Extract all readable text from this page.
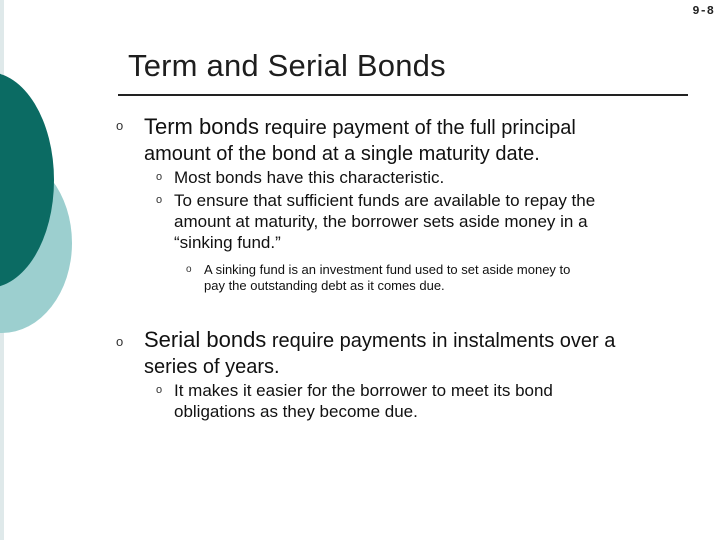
9-8
Term and Serial Bonds
o Term bonds require payment of the full principal
amount of the bond at a single maturity date.
o Most bonds have this characteristic.
o To ensure that sufficient funds are available to repay the
amount at maturity, the borrower sets aside money in a
“sinking fund.”
o A sinking fund is an investment fund used to set aside money to
pay the outstanding debt as it comes due.
o Serial bonds require payments in instalments over a
series of years.
o It makes it easier for the borrower to meet its bond
obligations as they become due.
